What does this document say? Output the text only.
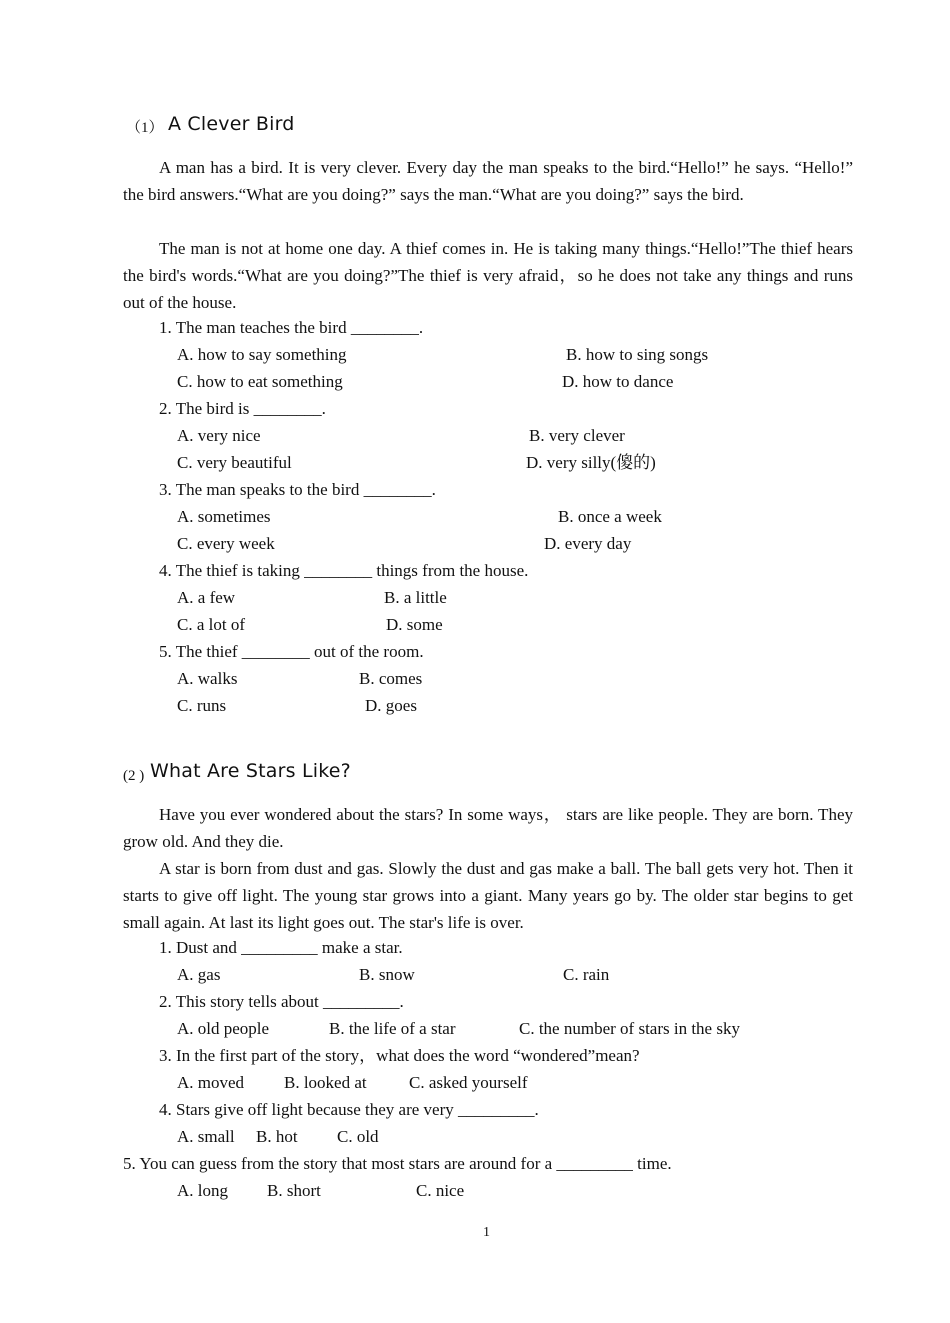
（1） A Clever Bird

A man has a bird. It is very clever. Every day the man speaks to the bird.“Hello!” he says. “Hello!” the bird answers.“What are you doing?” says the man.“What are you doing?” says the bird.

The man is not at home one day. A thief comes in. He is taking many things.“Hello!”The thief hears the bird's words.“What are you doing?”The thief is very afraid，so he does not take any things and runs out of the house.

1. The man teaches the bird ________.
A. how to say something	B. how to sing songs
C. how to eat something	D. how to dance
2. The bird is ________.
A. very nice	B. very clever
C. very beautiful	D. very silly(傻的)
3. The man speaks to the bird ________.
A. sometimes	B. once a week
C. every week	D. every day
4. The thief is taking ________ things from the house.
A. a few	B. a little
C. a lot of	D. some
5. The thief ________ out of the room.
A. walks	B. comes
C. runs	D. goes
(2 ) What Are Stars Like?

Have you ever wondered about the stars? In some ways， stars are like people. They are born. They grow old. And they die.

A star is born from dust and gas. Slowly the dust and gas make a ball. The ball gets very hot. Then it starts to give off light. The young star grows into a giant. Many years go by. The older star begins to get small again. At last its light goes out. The star's life is over.

1. Dust and _________ make a star.
A. gas	B. snow	C. rain
2. This story tells about _________.
A. old people	B. the life of a star	C. the number of stars in the sky
3. In the first part of the story，what does the word “wondered”mean?
A. moved B. looked at C. asked yourself
4. Stars give off light because they are very _________.
A. small B. hot C. old
5. You can guess from the story that most stars are around for a _________ time.
A. long B. short	C. nice
1
